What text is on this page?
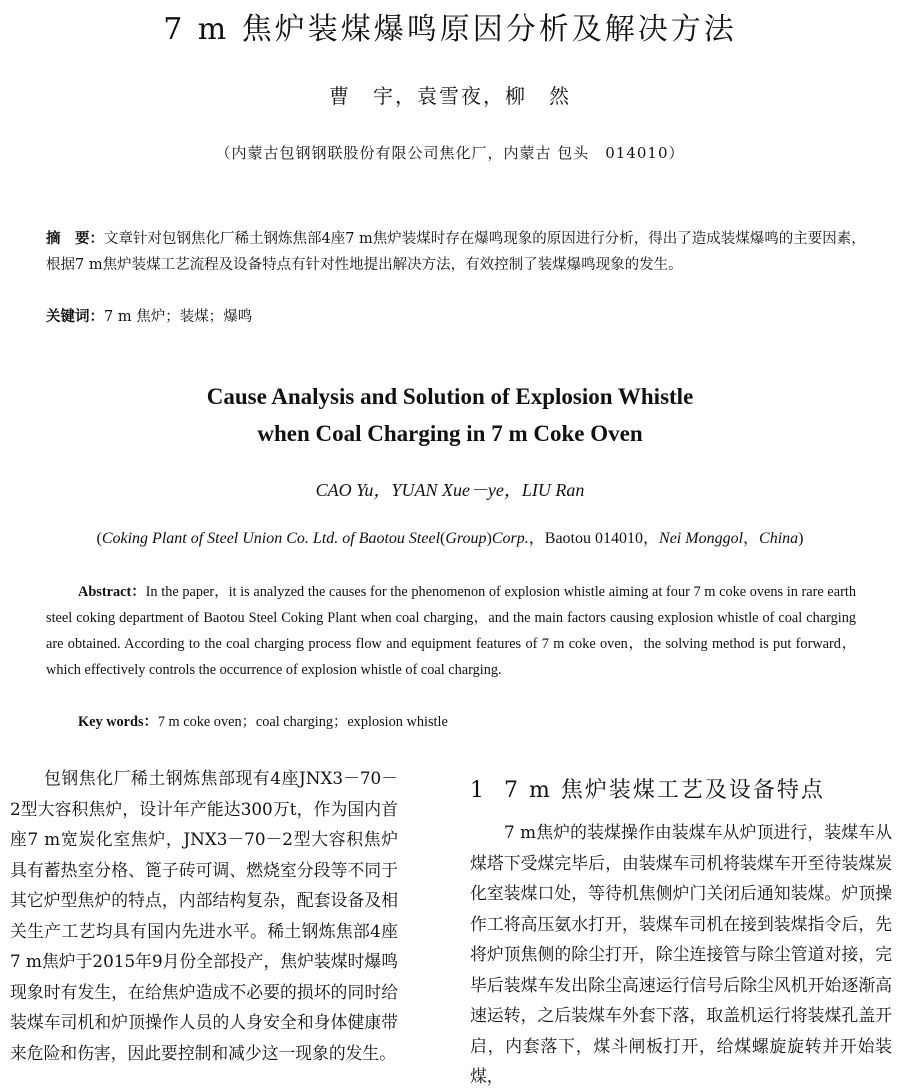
7 m 焦炉装煤爆鸣原因分析及解决方法
曹　宇，袁雪夜，柳　然
（内蒙古包钢钢联股份有限公司焦化厂，内蒙古 包头　014010）
摘　要：文章针对包钢焦化厂稀土钢炼焦部4座7 m焦炉装煤时存在爆鸣现象的原因进行分析，得出了造成装煤爆鸣的主要因素，根据7 m焦炉装煤工艺流程及设备特点有针对性地提出解决方法，有效控制了装煤爆鸣现象的发生。
关键词：7 m 焦炉；装煤；爆鸣
Cause Analysis and Solution of Explosion Whistle
when Coal Charging in 7 m Coke Oven
CAO Yu，YUAN Xue－ye，LIU Ran
(Coking Plant of Steel Union Co. Ltd. of Baotou Steel(Group)Corp.，Baotou 014010，Nei Monggol，China)
Abstract：In the paper，it is analyzed the causes for the phenomenon of explosion whistle aiming at four 7 m coke ovens in rare earth steel coking department of Baotou Steel Coking Plant when coal charging，and the main factors causing explosion whistle of coal charging are obtained. According to the coal charging process flow and equipment features of 7 m coke oven，the solving method is put forward，which effectively controls the occurrence of explosion whistle of coal charging.
Key words：7 m coke oven；coal charging；explosion whistle
包钢焦化厂稀土钢炼焦部现有4座JNX3－70－2型大容积焦炉，设计年产能达300万t，作为国内首座7 m宽炭化室焦炉，JNX3－70－2型大容积焦炉具有蓄热室分格、篦子砖可调、燃烧室分段等不同于其它炉型焦炉的特点，内部结构复杂，配套设备及相关生产工艺均具有国内先进水平。稀土钢炼焦部4座7 m焦炉于2015年9月份全部投产，焦炉装煤时爆鸣现象时有发生，在给焦炉造成不必要的损坏的同时给装煤车司机和炉顶操作人员的人身安全和身体健康带来危险和伤害，因此要控制和减少这一现象的发生。
1 7 m 焦炉装煤工艺及设备特点
7 m焦炉的装煤操作由装煤车从炉顶进行，装煤车从煤塔下受煤完毕后，由装煤车司机将装煤车开至待装煤炭化室装煤口处，等待机焦侧炉门关闭后通知装煤。炉顶操作工将高压氨水打开，装煤车司机在接到装煤指令后，先将炉顶焦侧的除尘打开，除尘连接管与除尘管道对接，完毕后装煤车发出除尘高速运行信号后除尘风机开始逐渐高速运转，之后装煤车外套下落，取盖机运行将装煤孔盖开启，内套落下，煤斗闸板打开，给煤螺旋旋转并开始装煤，
